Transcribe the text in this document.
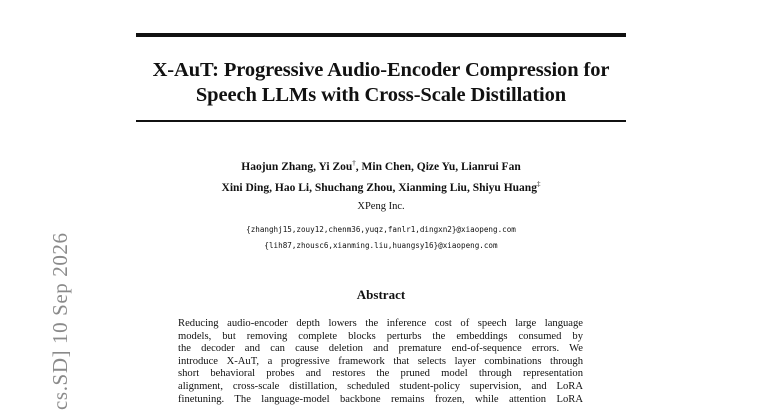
X-AuT: Progressive Audio-Encoder Compression for
Speech LLMs with Cross-Scale Distillation
Haojun Zhang, Yi Zou†, Min Chen, Qize Yu, Lianrui Fan
Xini Ding, Hao Li, Shuchang Zhou, Xianming Liu, Shiyu Huang‡
XPeng Inc.
{zhanghj15,zouy12,chenm36,yuqz,fanlr1,dingxn2}@xiaopeng.com
{lih87,zhousc6,xianming.liu,huangsy16}@xiaopeng.com
Abstract
Reducing audio-encoder depth lowers the inference cost of speech large language
models, but removing complete blocks perturbs the embeddings consumed by
the decoder and can cause deletion and premature end-of-sequence errors. We
introduce X-AuT, a progressive framework that selects layer combinations through
short behavioral probes and restores the pruned model through representation
alignment, cross-scale distillation, scheduled student-policy supervision, and LoRA
finetuning. The language-model backbone remains frozen, while attention LoRA
cs.SD] 10 Sep 2026
